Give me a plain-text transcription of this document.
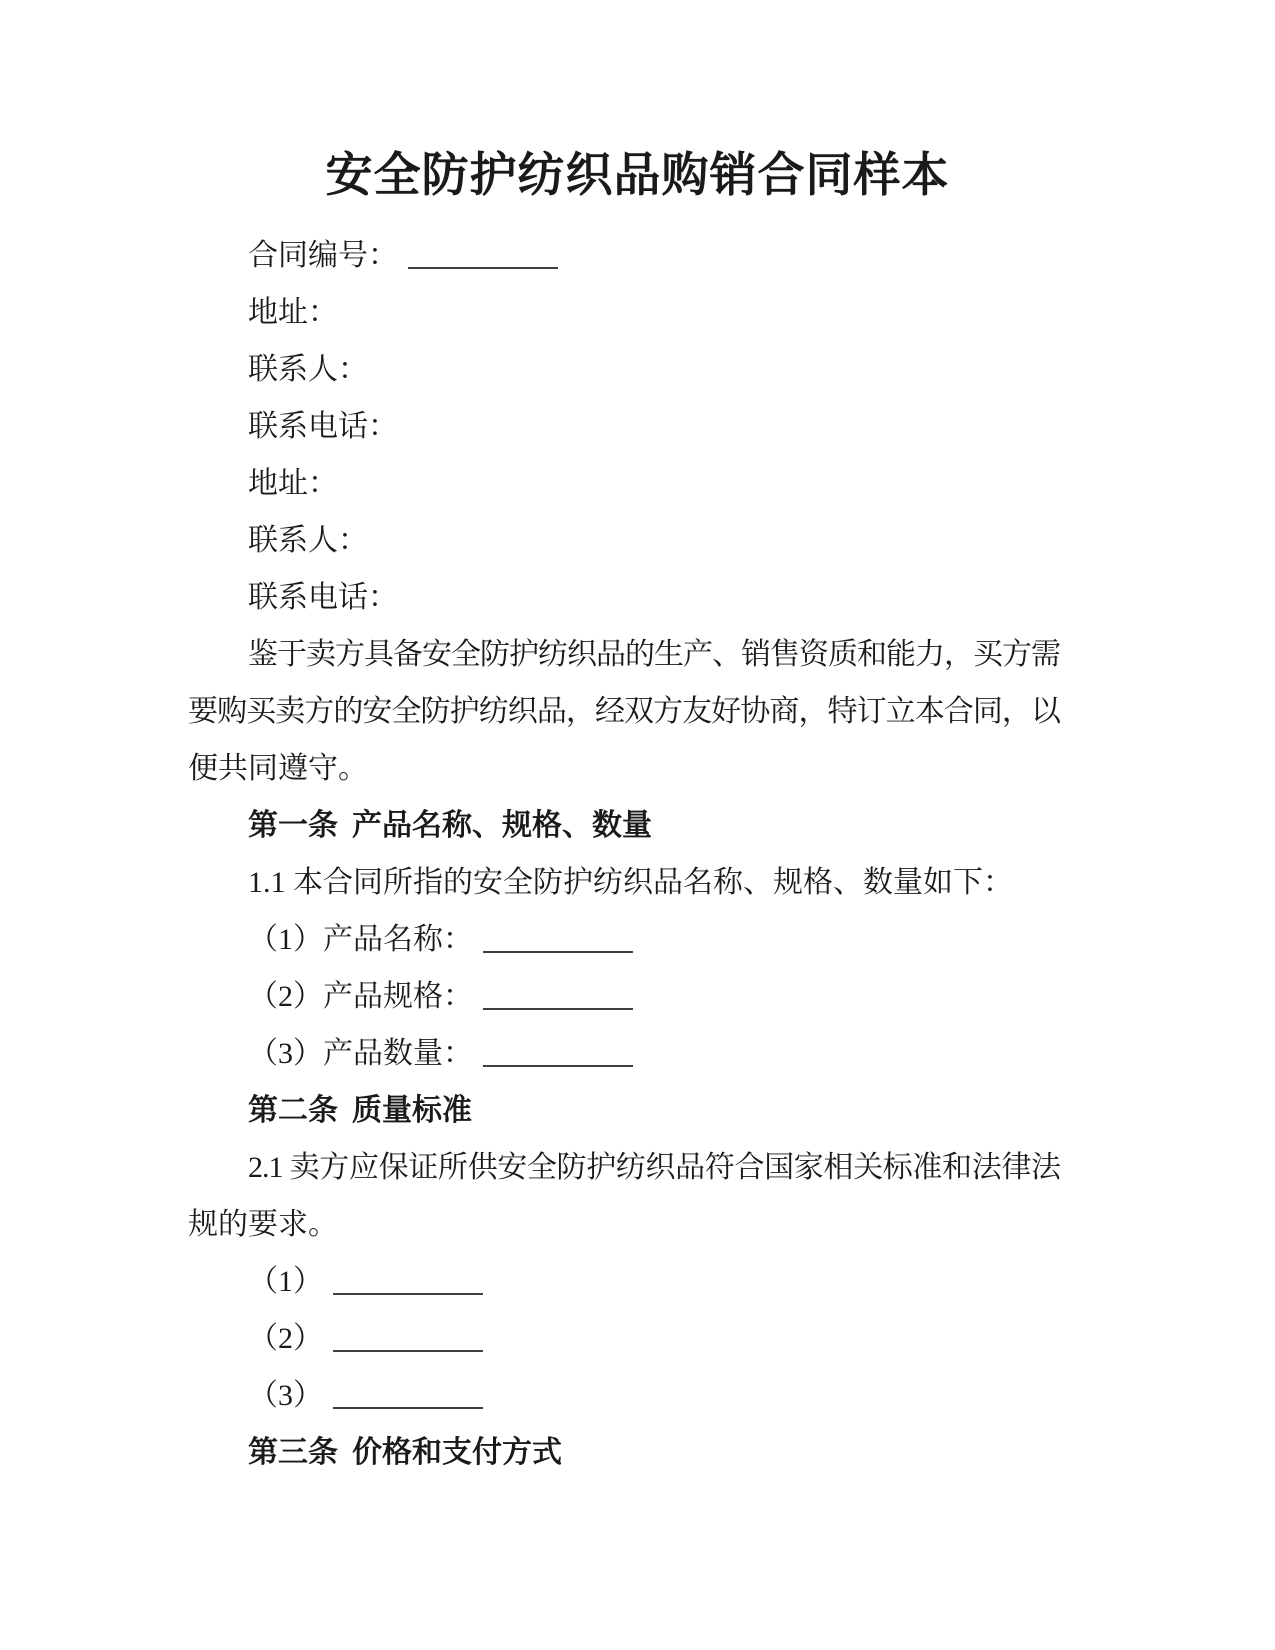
安全防护纺织品购销合同样本
合同编号：
地址：
联系人：
联系电话：
地址：
联系人：
联系电话：
鉴于卖方具备安全防护纺织品的生产、销售资质和能力，买方需
要购买卖方的安全防护纺织品，经双方友好协商，特订立本合同，以
便共同遵守。
第一条 产品名称、规格、数量
1.1 本合同所指的安全防护纺织品名称、规格、数量如下：
（1）产品名称：
（2）产品规格：
（3）产品数量：
第二条 质量标准
2.1 卖方应保证所供安全防护纺织品符合国家相关标准和法律法
规的要求。
（1）
（2）
（3）
第三条 价格和支付方式
